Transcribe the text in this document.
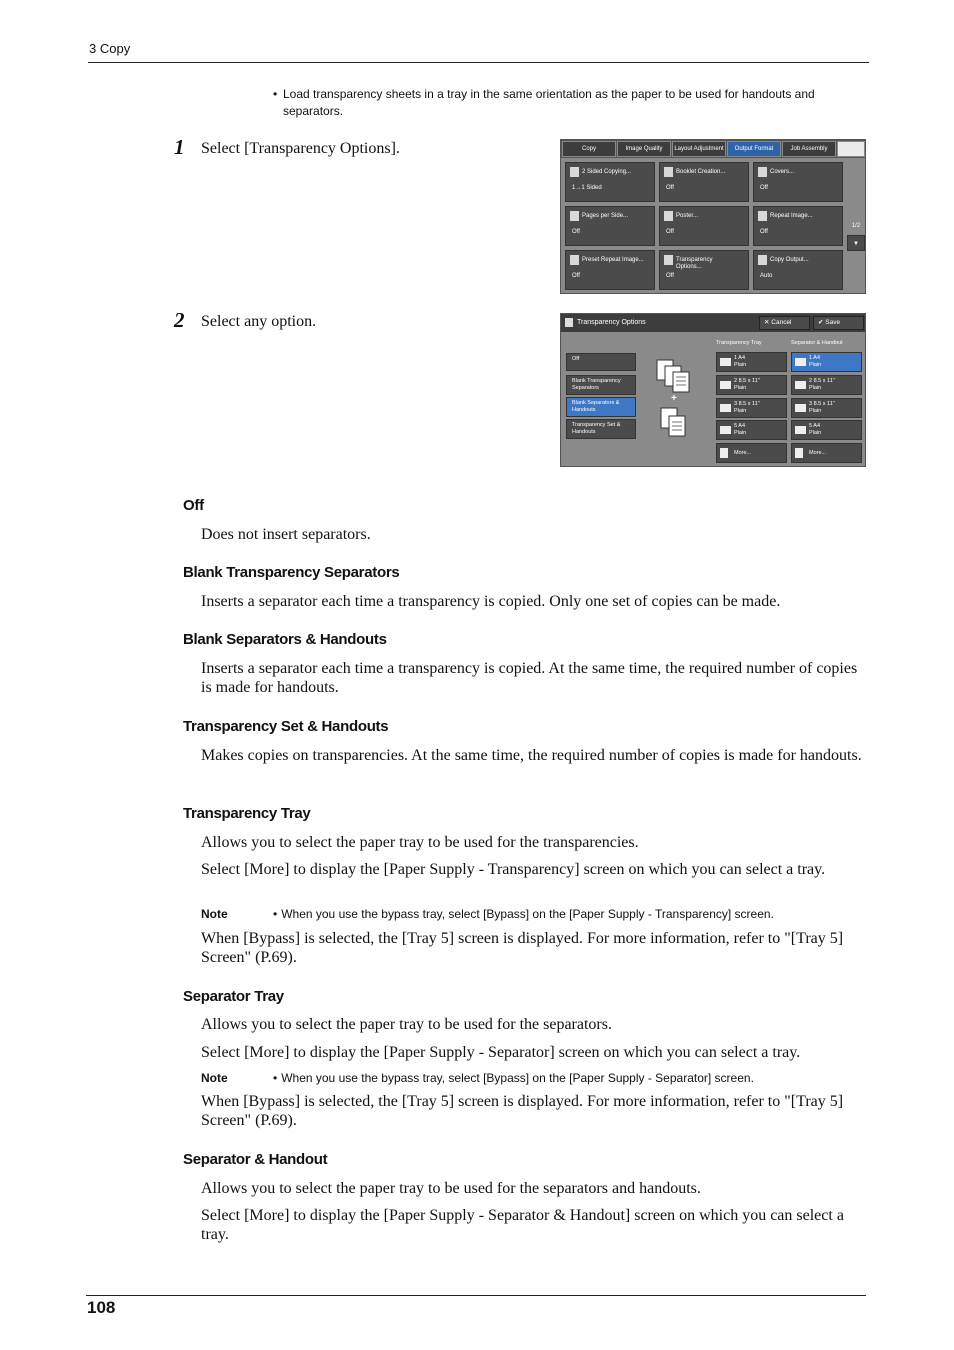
3 Copy
• Load transparency sheets in a tray in the same orientation as the paper to be used for handouts and separators.
1 Select [Transparency Options].	Copy	Image Quality Layout Adjustment Output Format	Job Assembly
2 Sided Copying...
1→1 Sided
Booklet Creation...
Off
Covers...
Off
Pages per Side...
Off
Poster...
Off
Repeat Image...
Off
Preset Repeat Image...
Off
Transparency Options...
Off
Copy Output...
Auto
1/2
▼
2 Select any option.	Transparency Options	✕ Cancel	✔ Save
Off
Blank Transparency Separators
Blank Separators & Handouts
Transparency Set & Handouts
+
Transparency Tray	Separator & Handout
1 A4
Plain
2 8.5 x 11"
Plain
3 8.5 x 11"
Plain
5 A4
Plain
More...
1 A4
Plain
2 8.5 x 11"
Plain
3 8.5 x 11"
Plain
5 A4
Plain
More...
Off
Does not insert separators.
Blank Transparency Separators
Inserts a separator each time a transparency is copied. Only one set of copies can be made.
Blank Separators & Handouts
Inserts a separator each time a transparency is copied. At the same time, the required number of copies is made for handouts.
Transparency Set & Handouts
Makes copies on transparencies. At the same time, the required number of copies is made for handouts.
Transparency Tray
Allows you to select the paper tray to be used for the transparencies.
Select [More] to display the [Paper Supply - Transparency] screen on which you can select a tray.
Note	• When you use the bypass tray, select [Bypass] on the [Paper Supply - Transparency] screen.
When [Bypass] is selected, the [Tray 5] screen is displayed. For more information, refer to "[Tray 5] Screen" (P.69).
Separator Tray
Allows you to select the paper tray to be used for the separators.
Select [More] to display the [Paper Supply - Separator] screen on which you can select a tray.
Note	• When you use the bypass tray, select [Bypass] on the [Paper Supply - Separator] screen.
When [Bypass] is selected, the [Tray 5] screen is displayed. For more information, refer to "[Tray 5] Screen" (P.69).
Separator & Handout
Allows you to select the paper tray to be used for the separators and handouts.
Select [More] to display the [Paper Supply - Separator & Handout] screen on which you can select a tray.
108
